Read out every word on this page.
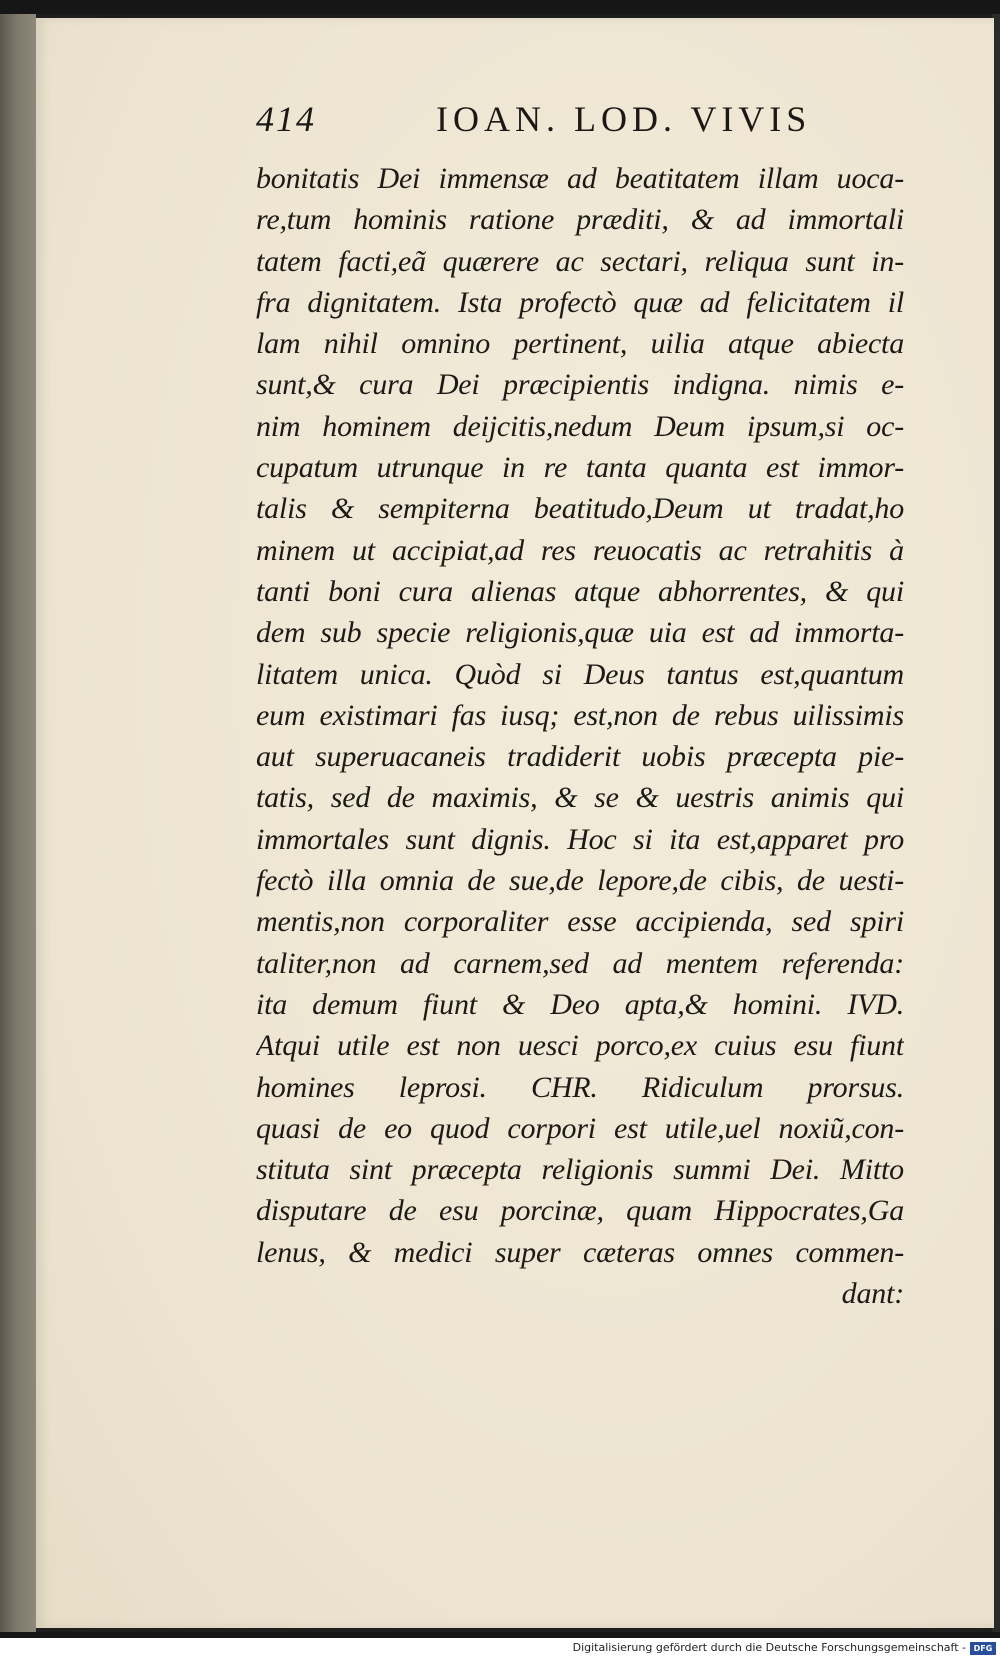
414	IOAN. LOD. VIVIS
bonitatis Dei immensæ ad beatitatem illam uoca-
re,tum hominis ratione præditi, & ad immortali
tatem facti,eã quærere ac sectari, reliqua sunt in-
fra dignitatem. Ista profectò quæ ad felicitatem il
lam nihil omnino pertinent, uilia atque abiecta
sunt,& cura Dei præcipientis indigna. nimis e-
nim hominem deijcitis,nedum Deum ipsum,si oc-
cupatum utrunque in re tanta quanta est immor-
talis & sempiterna beatitudo,Deum ut tradat,ho
minem ut accipiat,ad res reuocatis ac retrahitis à
tanti boni cura alienas atque abhorrentes, & qui
dem sub specie religionis,quæ uia est ad immorta-
litatem unica. Quòd si Deus tantus est,quantum
eum existimari fas iusq; est,non de rebus uilissimis
aut superuacaneis tradiderit uobis præcepta pie-
tatis, sed de maximis, & se & uestris animis qui
immortales sunt dignis. Hoc si ita est,apparet pro
fectò illa omnia de sue,de lepore,de cibis, de uesti-
mentis,non corporaliter esse accipienda, sed spiri
taliter,non ad carnem,sed ad mentem referenda:
ita demum fiunt & Deo apta,& homini. IVD.
Atqui utile est non uesci porco,ex cuius esu fiunt
homines leprosi. CHR. Ridiculum prorsus.
quasi de eo quod corpori est utile,uel noxiũ,con-
stituta sint præcepta religionis summi Dei. Mitto
disputare de esu porcinæ, quam Hippocrates,Ga
lenus, & medici super cæteras omnes commen-
dant:
Digitalisierung gefördert durch die Deutsche Forschungsgemeinschaft - DFG
